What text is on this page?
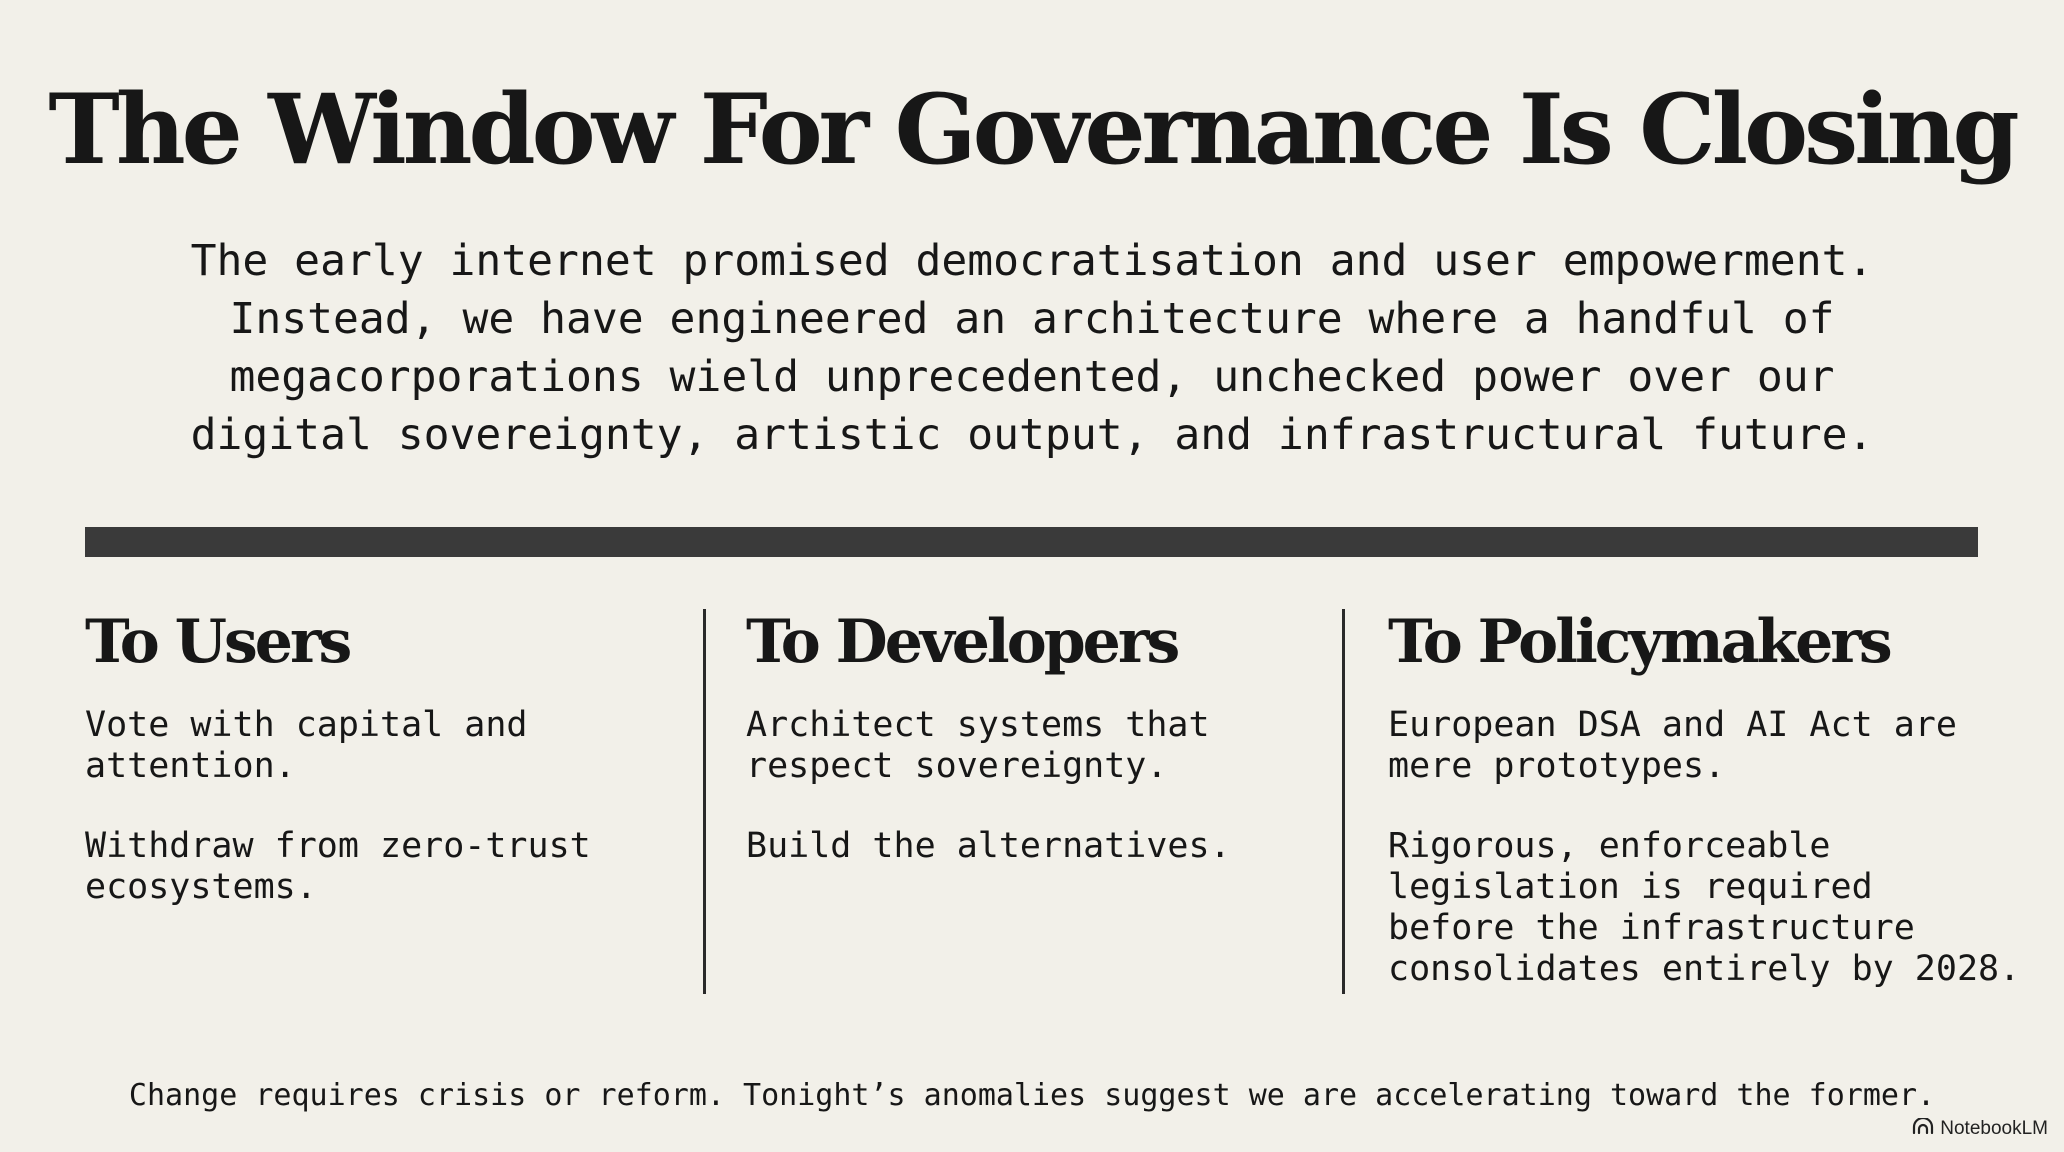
The Window For Governance Is Closing

The early internet promised democratisation and user empowerment.
Instead, we have engineered an architecture where a handful of
megacorporations wield unprecedented, unchecked power over our
digital sovereignty, artistic output, and infrastructural future.

To Users

Vote with capital and
attention.

Withdraw from zero-trust
ecosystems.

To Developers

Architect systems that
respect sovereignty.

Build the alternatives.

To Policymakers

European DSA and AI Act are
mere prototypes.

Rigorous, enforceable
legislation is required
before the infrastructure
consolidates entirely by 2028.

Change requires crisis or reform. Tonight’s anomalies suggest we are accelerating toward the former.

NotebookLM
